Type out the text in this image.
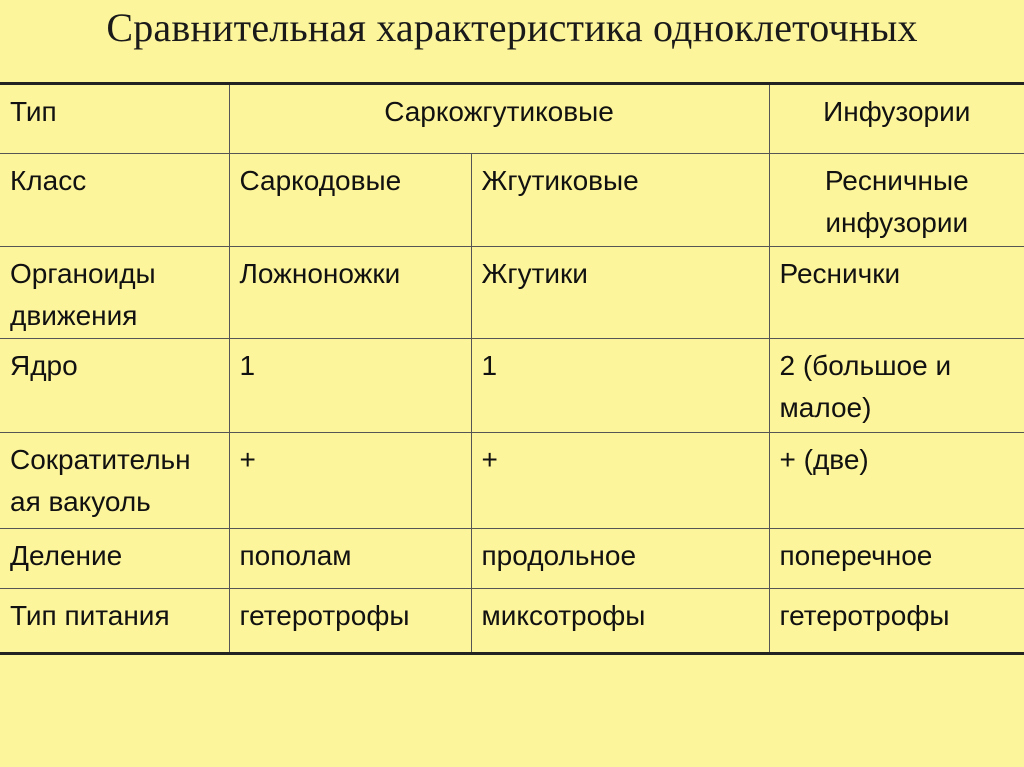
Сравнительная характеристика одноклеточных
Тип	Саркожгутиковые		Инфузории
Класс	Саркодовые	Жгутиковые	Ресничные инфузории
Органоиды движения	Ложноножки	Жгутики	Реснички
Ядро	1	1	2 (большое и малое)
Сократительн ая вакуоль	+	+	+ (две)
Деление	пополам	продольное	поперечное
Тип питания	гетеротрофы	миксотрофы	гетеротрофы
